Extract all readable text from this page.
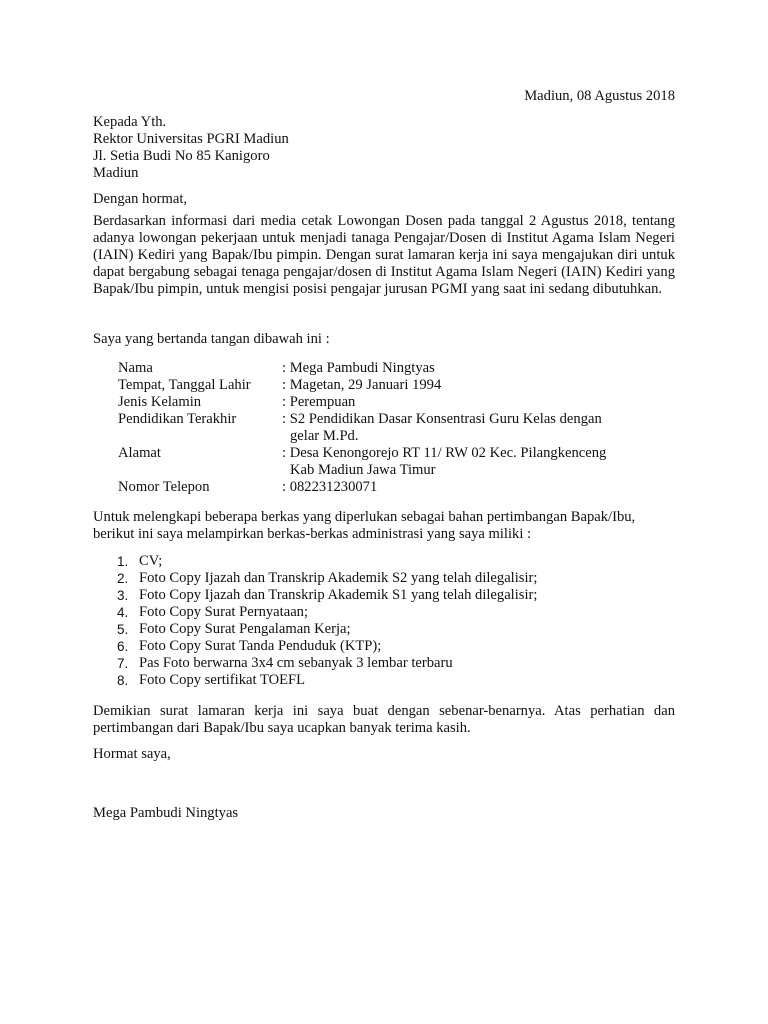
Madiun, 08 Agustus 2018
Kepada Yth.
Rektor Universitas PGRI Madiun
Jl. Setia Budi No 85 Kanigoro
Madiun
Dengan hormat,
Berdasarkan informasi dari media cetak Lowongan Dosen pada tanggal 2 Agustus 2018, tentang adanya lowongan pekerjaan untuk menjadi tanaga Pengajar/Dosen di Institut Agama Islam Negeri (IAIN) Kediri yang Bapak/Ibu pimpin. Dengan surat lamaran kerja ini saya mengajukan diri untuk dapat bergabung sebagai tenaga pengajar/dosen di Institut Agama Islam Negeri (IAIN) Kediri yang Bapak/Ibu pimpin, untuk mengisi posisi pengajar jurusan PGMI yang saat ini sedang dibutuhkan.
Saya yang bertanda tangan dibawah ini :
Nama	: Mega Pambudi Ningtyas
Tempat, Tanggal Lahir	: Magetan, 29 Januari 1994
Jenis Kelamin	: Perempuan
Pendidikan Terakhir	: S2 Pendidikan Dasar Konsentrasi Guru Kelas dengan
gelar M.Pd.
Alamat	: Desa Kenongorejo RT 11/ RW 02 Kec. Pilangkenceng
Kab Madiun Jawa Timur
Nomor Telepon	: 082231230071
Untuk melengkapi beberapa berkas yang diperlukan sebagai bahan pertimbangan Bapak/Ibu,
berikut ini saya melampirkan berkas-berkas administrasi yang saya miliki :
1. CV;
2. Foto Copy Ijazah dan Transkrip Akademik S2 yang telah dilegalisir;
3. Foto Copy Ijazah dan Transkrip Akademik S1 yang telah dilegalisir;
4. Foto Copy Surat Pernyataan;
5. Foto Copy Surat Pengalaman Kerja;
6. Foto Copy Surat Tanda Penduduk (KTP);
7. Pas Foto berwarna 3x4 cm sebanyak 3 lembar terbaru
8. Foto Copy sertifikat TOEFL
Demikian surat lamaran kerja ini saya buat dengan sebenar-benarnya. Atas perhatian dan pertimbangan dari Bapak/Ibu saya ucapkan banyak terima kasih.
Hormat saya,
Mega Pambudi Ningtyas
